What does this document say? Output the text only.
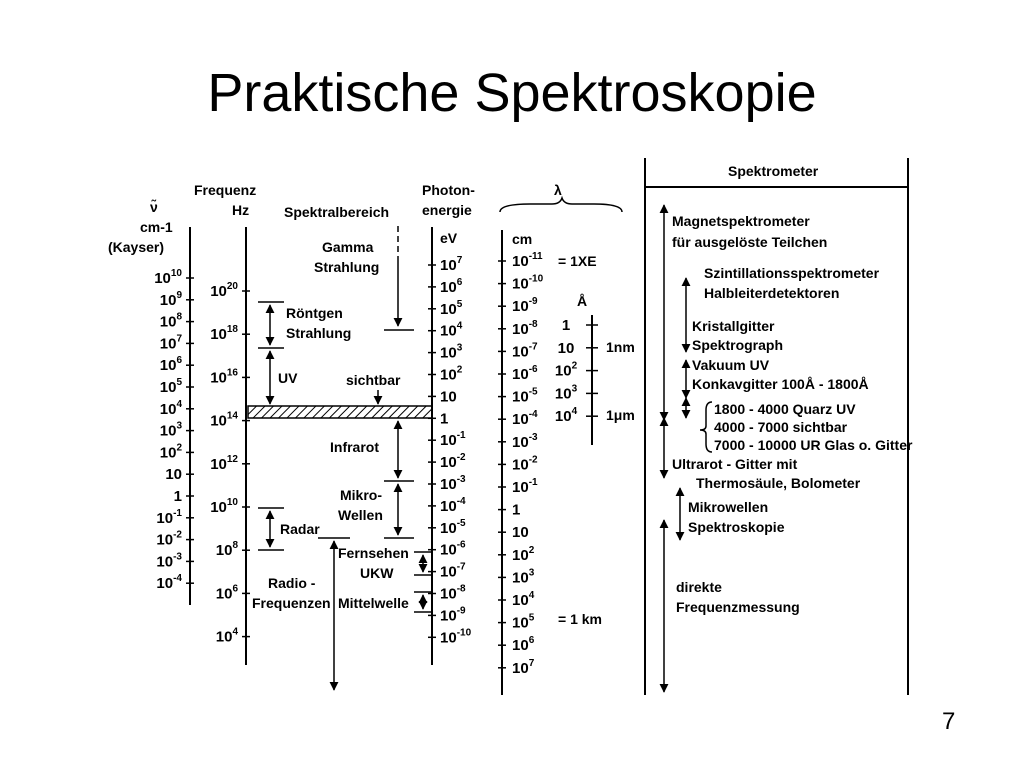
Praktische Spektroskopie
ν̃
cm-1
(Kayser)
Frequenz
Hz Spektralbereich
Photon-
energie
λ
$10^{10}$
$10^9$
$10^8$
$10^7$
$10^6$
$10^5$
$10^4$
$10^3$
$10^2$
10
1
$10^{-1}$
$10^{-2}$
$10^{-3}$
$10^{-4}$
$10^{20}$
$10^{18}$
$10^{16}$
$10^{14}$
$10^{12}$
$10^{10}$
$10^8$
$10^6$
$10^4$
$10^7$
$10^6$
$10^5$
$10^4$
$10^3$
$10^2$
10
1
$10^{-1}$
$10^{-2}$
$10^{-3}$
$10^{-4}$
$10^{-5}$
$10^{-6}$
$10^{-7}$
$10^{-8}$
$10^{-9}$
$10^{-10}$
$10^{-11}$
$10^{-10}$
$10^{-9}$
$10^{-8}$
$10^{-7}$
$10^{-6}$
$10^{-5}$
$10^{-4}$
$10^{-3}$
$10^{-2}$
$10^{-1}$
1
10
$10^2$
$10^3$
$10^4$
$10^5$
$10^6$
$10^7$
1
10
$10^2$
$10^3$
$10^4$
eV	cm
= 1XE
= 1 km
Å
1nm
1μm
Röntgen
Strahlung
UV
Radar
Gamma
Strahlung
sichtbar
Infrarot
Mikro-
Wellen
Fernsehen
UKW
Mittelwelle
Radio -
Frequenzen
Spektrometer
Magnetspektrometer
für ausgelöste Teilchen
Szintillationsspektrometer
Halbleiterdetektoren
Kristallgitter
Spektrograph
Vakuum UV
Konkavgitter 100Å - 1800Å
1800 - 4000 Quarz UV
4000 - 7000 sichtbar
7000 - 10000 UR Glas o. Gitter
Ultrarot - Gitter mit
Thermosäule, Bolometer
Mikrowellen
Spektroskopie
direkte
Frequenzmessung
7
